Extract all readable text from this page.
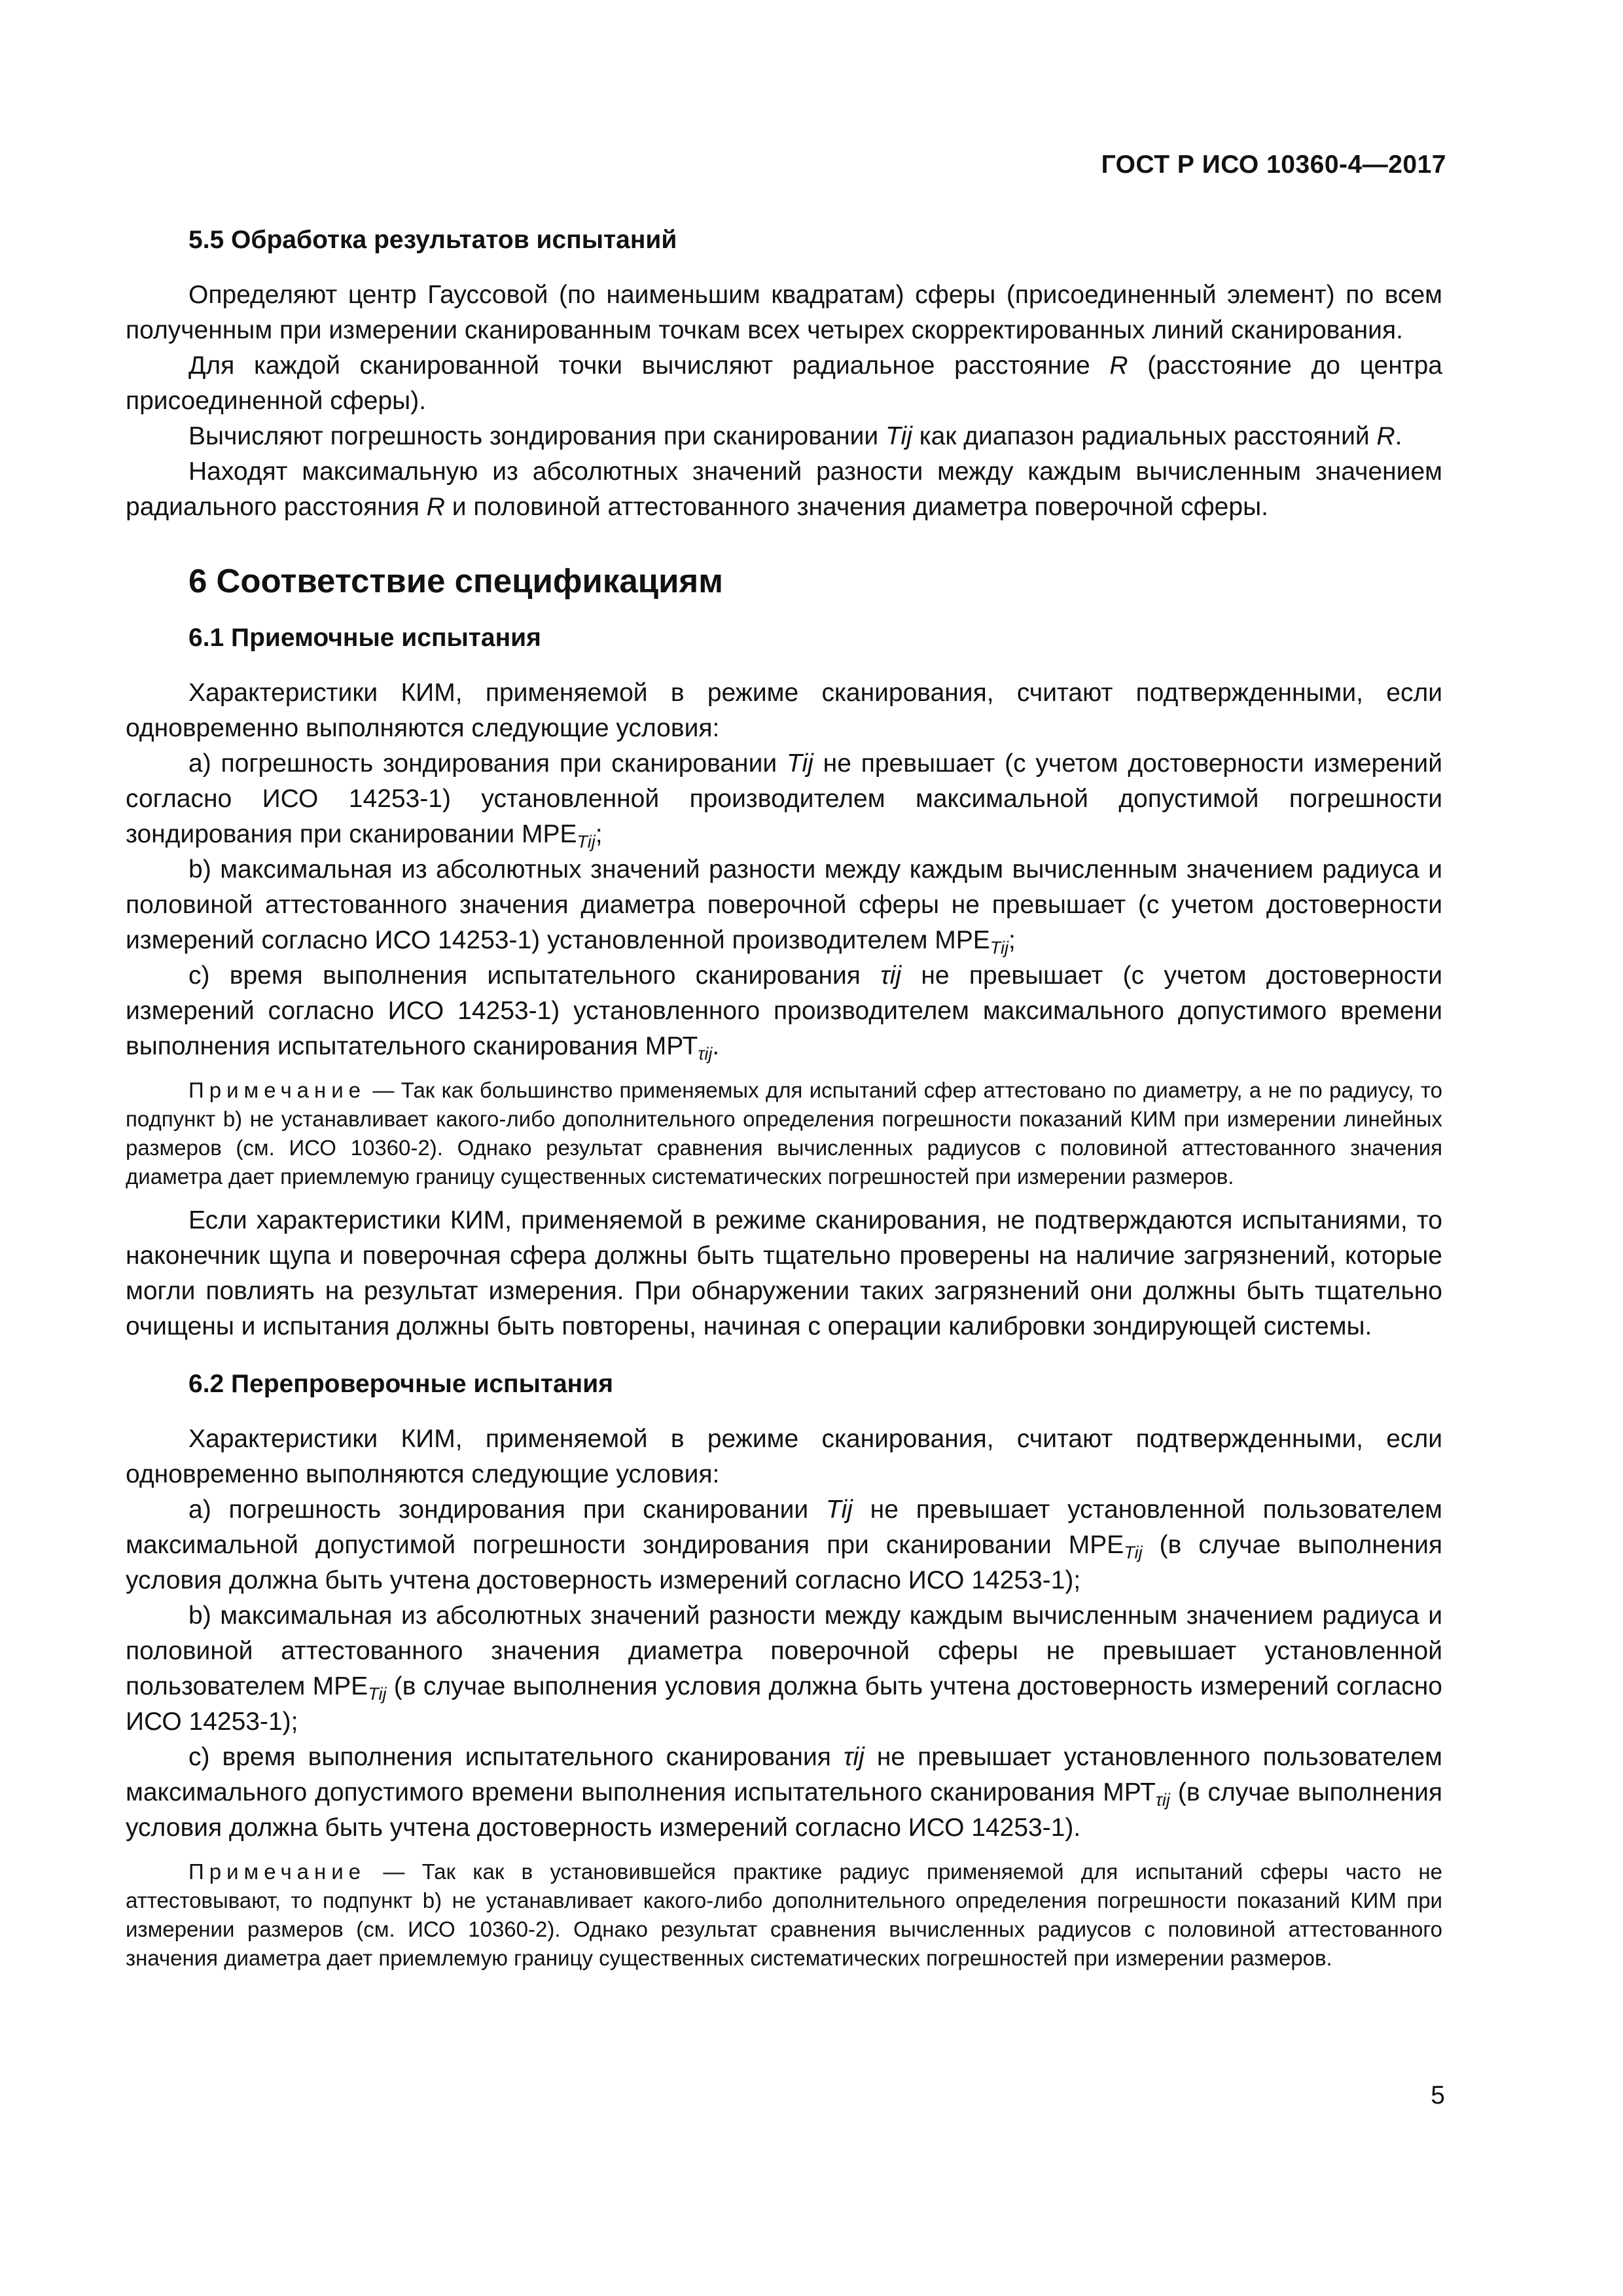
ГОСТ Р ИСО 10360-4—2017
5.5 Обработка результатов испытаний

Определяют центр Гауссовой (по наименьшим квадратам) сферы (присоединенный элемент) по всем полученным при измерении сканированным точкам всех четырех скорректированных линий сканирования.

Для каждой сканированной точки вычисляют радиальное расстояние R (расстояние до центра присоединенной сферы).

Вычисляют погрешность зондирования при сканировании Tij как диапазон радиальных расстояний R.

Находят максимальную из абсолютных значений разности между каждым вычисленным значением радиального расстояния R и половиной аттестованного значения диаметра поверочной сферы.

6 Соответствие спецификациям
6.1 Приемочные испытания

Характеристики КИМ, применяемой в режиме сканирования, считают подтвержденными, если одновременно выполняются следующие условия:

a) погрешность зондирования при сканировании Tij не превышает (с учетом достоверности измерений согласно ИСО 14253-1) установленной производителем максимальной допустимой погрешности зондирования при сканировании $МРЕ_{Tij}$;

b) максимальная из абсолютных значений разности между каждым вычисленным значением радиуса и половиной аттестованного значения диаметра поверочной сферы не превышает (с учетом достоверности измерений согласно ИСО 14253-1) установленной производителем $МРЕ_{Tij}$;

c) время выполнения испытательного сканирования τij не превышает (с учетом достоверности измерений согласно ИСО 14253-1) установленного производителем максимального допустимого времени выполнения испытательного сканирования $МРТ_{\tau ij}$.

Примечание — Так как большинство применяемых для испытаний сфер аттестовано по диаметру, а не по радиусу, то подпункт b) не устанавливает какого-либо дополнительного определения погрешности показаний КИМ при измерении линейных размеров (см. ИСО 10360-2). Однако результат сравнения вычисленных радиусов с половиной аттестованного значения диаметра дает приемлемую границу существенных систематических погрешностей при измерении размеров.

Если характеристики КИМ, применяемой в режиме сканирования, не подтверждаются испытаниями, то наконечник щупа и поверочная сфера должны быть тщательно проверены на наличие загрязнений, которые могли повлиять на результат измерения. При обнаружении таких загрязнений они должны быть тщательно очищены и испытания должны быть повторены, начиная с операции калибровки зондирующей системы.

6.2 Перепроверочные испытания

Характеристики КИМ, применяемой в режиме сканирования, считают подтвержденными, если одновременно выполняются следующие условия:

a) погрешность зондирования при сканировании Tij не превышает установленной пользователем максимальной допустимой погрешности зондирования при сканировании $МРЕ_{Tij}$ (в случае выполнения условия должна быть учтена достоверность измерений согласно ИСО 14253-1);

b) максимальная из абсолютных значений разности между каждым вычисленным значением радиуса и половиной аттестованного значения диаметра поверочной сферы не превышает установленной пользователем $МРЕ_{Tij}$ (в случае выполнения условия должна быть учтена достоверность измерений согласно ИСО 14253-1);

c) время выполнения испытательного сканирования τij не превышает установленного пользователем максимального допустимого времени выполнения испытательного сканирования $МРТ_{\tau ij}$ (в случае выполнения условия должна быть учтена достоверность измерений согласно ИСО 14253-1).

Примечание — Так как в установившейся практике радиус применяемой для испытаний сферы часто не аттестовывают, то подпункт b) не устанавливает какого-либо дополнительного определения погрешности показаний КИМ при измерении размеров (см. ИСО 10360-2). Однако результат сравнения вычисленных радиусов с половиной аттестованного значения диаметра дает приемлемую границу существенных систематических погрешностей при измерении размеров.

5
